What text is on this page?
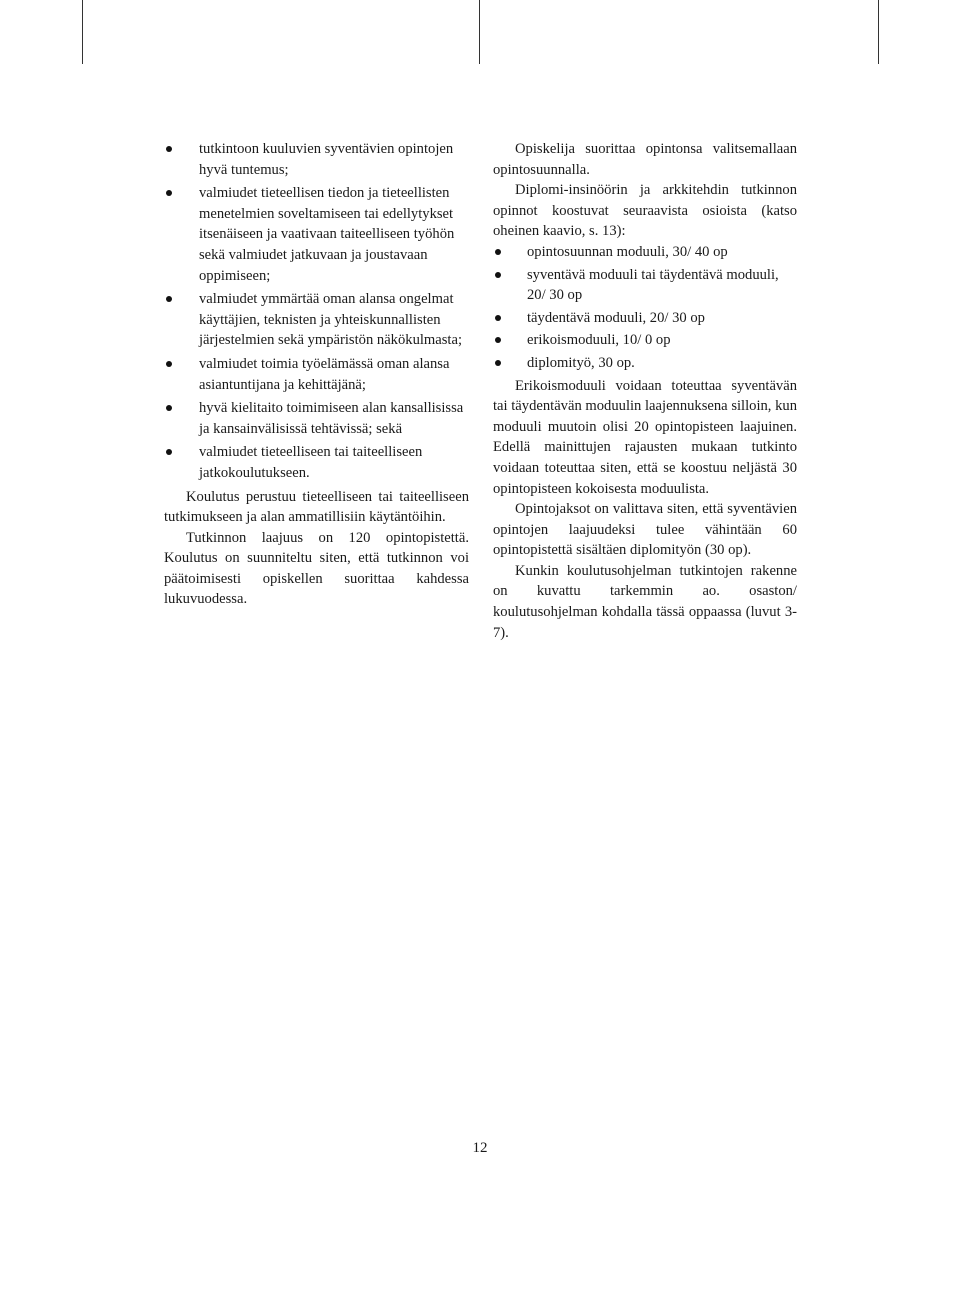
tutkintoon kuuluvien syventävien opintojen hyvä tuntemus;
valmiudet tieteellisen tiedon ja tieteellisten menetelmien soveltamiseen tai edellytykset itsenäiseen ja vaativaan taiteelliseen työhön sekä valmiudet jatkuvaan ja joustavaan oppimiseen;
valmiudet ymmärtää oman alansa ongelmat käyttäjien, teknisten ja yhteiskunnallisten järjestelmien sekä ympäristön näkökulmasta;
valmiudet toimia työelämässä oman alansa asiantuntijana ja kehittäjänä;
hyvä kielitaito toimimiseen alan kansallisissa ja kansainvälisissä tehtävissä; sekä
valmiudet tieteelliseen tai taiteelliseen jatkokoulutukseen.

Koulutus perustuu tieteelliseen tai taiteelliseen tutkimukseen ja alan ammatillisiin käytäntöihin.

Tutkinnon laajuus on 120 opintopistettä. Koulutus on suunniteltu siten, että tutkinnon voi päätoimisesti opiskellen suorittaa kahdessa lukuvuodessa.

Opiskelija suorittaa opintonsa valitsemallaan opintosuunnalla.

Diplomi-insinöörin ja arkkitehdin tutkinnon opinnot koostuvat seuraavista osioista (katso oheinen kaavio, s. 13):

opintosuunnan moduuli, 30/ 40 op
syventävä moduuli tai täydentävä moduuli, 20/ 30 op
täydentävä moduuli, 20/ 30 op
erikoismoduuli, 10/ 0 op
diplomityö, 30 op.

Erikoismoduuli voidaan toteuttaa syventävän tai täydentävän moduulin laajennuksena silloin, kun moduuli muutoin olisi 20 opintopisteen laajuinen. Edellä mainittujen rajausten mukaan tutkinto voidaan toteuttaa siten, että se koostuu neljästä 30 opintopisteen kokoisesta moduulista.

Opintojaksot on valittava siten, että syventävien opintojen laajuudeksi tulee vähintään 60 opintopistettä sisältäen diplomityön (30 op).

Kunkin koulutusohjelman tutkintojen rakenne on kuvattu tarkemmin ao. osaston/ koulutusohjelman kohdalla tässä oppaassa (luvut 3-7).

12
